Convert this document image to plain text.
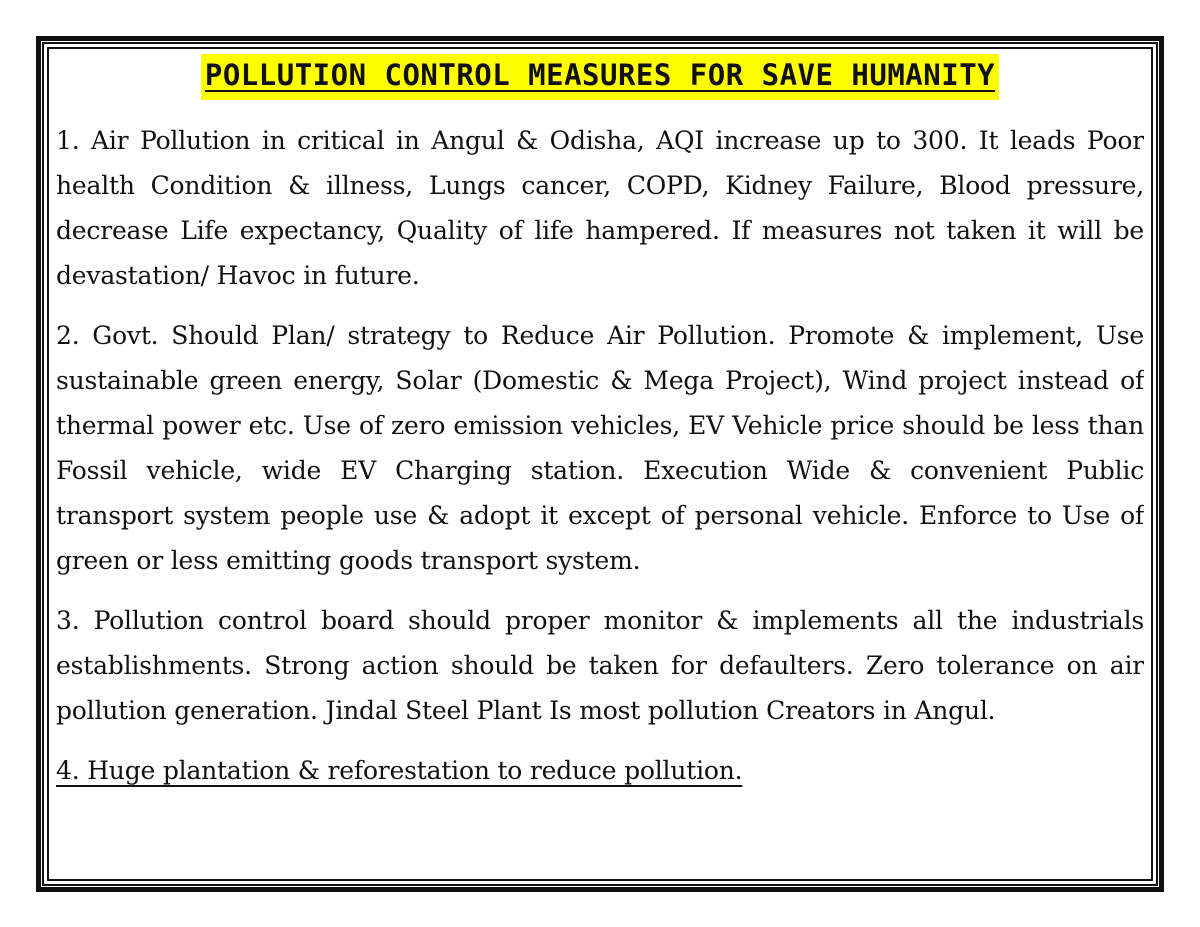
POLLUTION CONTROL MEASURES FOR SAVE HUMANITY

1. Air Pollution in critical in Angul & Odisha, AQI increase up to 300. It leads Poor health Condition & illness, Lungs cancer, COPD, Kidney Failure, Blood pressure, decrease Life expectancy, Quality of life hampered. If measures not taken it will be devastation/ Havoc in future.

2. Govt. Should Plan/ strategy to Reduce Air Pollution. Promote & implement, Use sustainable green energy, Solar (Domestic & Mega Project), Wind project instead of thermal power etc. Use of zero emission vehicles, EV Vehicle price should be less than Fossil vehicle, wide EV Charging station. Execution Wide & convenient Public transport system people use & adopt it except of personal vehicle. Enforce to Use of green or less emitting goods transport system.

3. Pollution control board should proper monitor & implements all the industrials establishments. Strong action should be taken for defaulters. Zero tolerance on air pollution generation. Jindal Steel Plant Is most pollution Creators in Angul.

4. Huge plantation & reforestation to reduce pollution.
